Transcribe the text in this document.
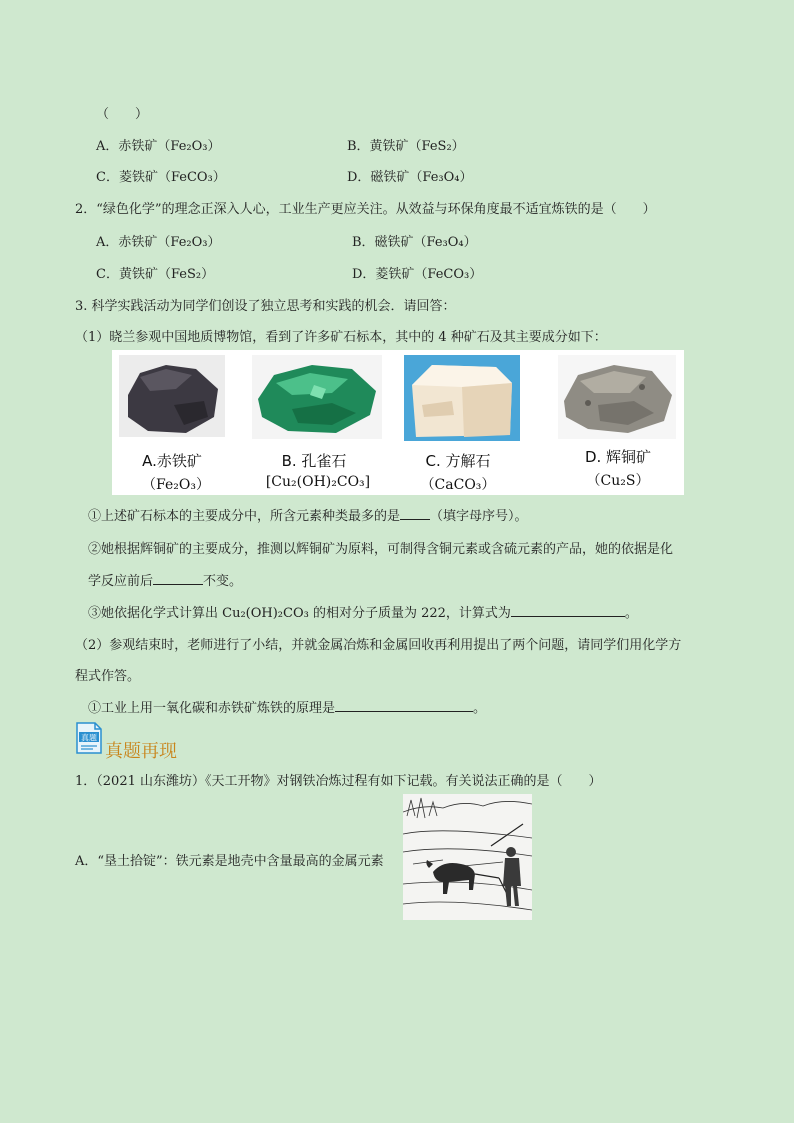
（　　）
A．赤铁矿（Fe₂O₃）	B．黄铁矿（FeS₂）
C．菱铁矿（FeCO₃）	D．磁铁矿（Fe₃O₄）
2．“绿色化学”的理念正深入人心，工业生产更应关注。从效益与环保角度最不适宜炼铁的是（　　）
A．赤铁矿（Fe₂O₃）	B．磁铁矿（Fe₃O₄）
C．黄铁矿（FeS₂）	D．菱铁矿（FeCO₃）
3. 科学实践活动为同学们创设了独立思考和实践的机会．请回答：
（1）晓兰参观中国地质博物馆，看到了许多矿石标本，其中的 4 种矿石及其主要成分如下：
A.赤铁矿
（Fe₂O₃）
B. 孔雀石
[Cu₂(OH)₂CO₃]
C. 方解石
（CaCO₃）
D. 辉铜矿
（Cu₂S）
①上述矿石标本的主要成分中，所含元素种类最多的是 （填字母序号）。
②她根据辉铜矿的主要成分，推测以辉铜矿为原料，可制得含铜元素或含硫元素的产品，她的依据是化
学反应前后	不变。
③她依据化学式计算出 Cu₂(OH)₂CO₃ 的相对分子质量为 222，计算式为	。
（2）参观结束时，老师进行了小结，并就金属冶炼和金属回收再利用提出了两个问题，请同学们用化学方
程式作答。
①工业上用一氧化碳和赤铁矿炼铁的原理是	。
真题
真题再现
1．（2021 山东潍坊）《天工开物》对钢铁冶炼过程有如下记载。有关说法正确的是（　　）
A．“垦土拾锭”：铁元素是地壳中含量最高的金属元素
